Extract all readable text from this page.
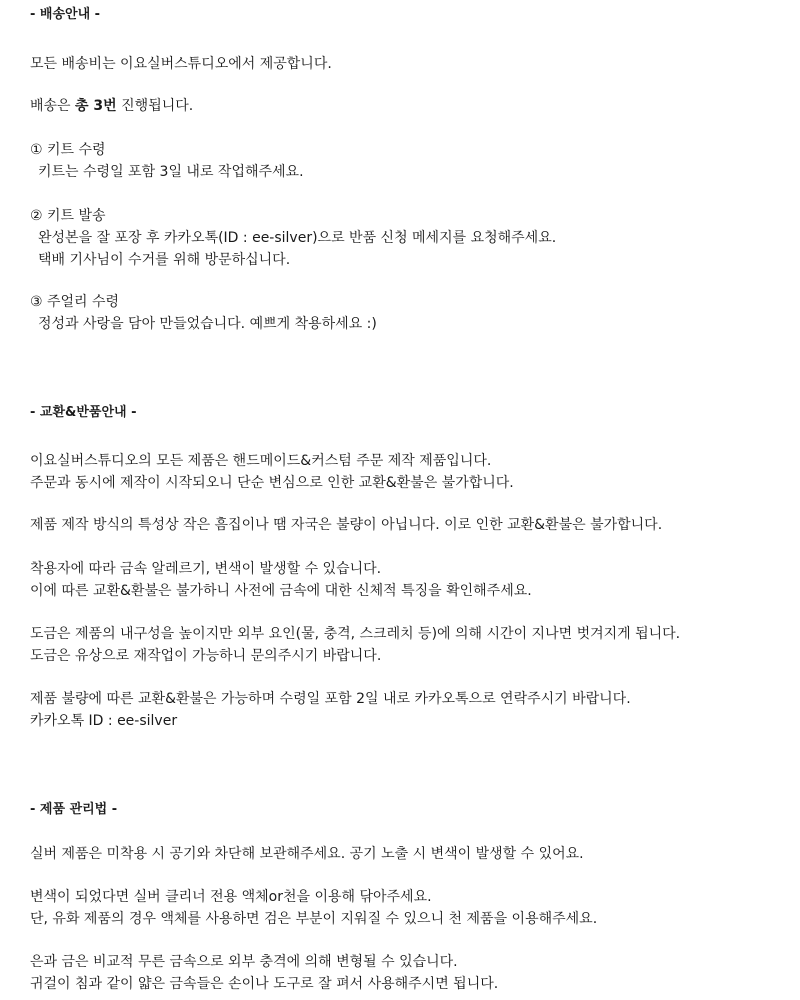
- 배송안내 -
모든 배송비는 이요실버스튜디오에서 제공합니다.
배송은 총 3번 진행됩니다.
① 키트 수령
키트는 수령일 포함 3일 내로 작업해주세요.
② 키트 발송
완성본을 잘 포장 후 카카오톡(ID : ee-silver)으로 반품 신청 메세지를 요청해주세요.
택배 기사님이 수거를 위해 방문하십니다.
③ 주얼리 수령
정성과 사랑을 담아 만들었습니다. 예쁘게 착용하세요 :)
- 교환&반품안내 -
이요실버스튜디오의 모든 제품은 핸드메이드&커스텀 주문 제작 제품입니다.
주문과 동시에 제작이 시작되오니 단순 변심으로 인한 교환&환불은 불가합니다.
제품 제작 방식의 특성상 작은 흠집이나 땜 자국은 불량이 아닙니다. 이로 인한 교환&환불은 불가합니다.
착용자에 따라 금속 알레르기, 변색이 발생할 수 있습니다.
이에 따른 교환&환불은 불가하니 사전에 금속에 대한 신체적 특징을 확인해주세요.
도금은 제품의 내구성을 높이지만 외부 요인(물, 충격, 스크레치 등)에 의해 시간이 지나면 벗겨지게 됩니다.
도금은 유상으로 재작업이 가능하니 문의주시기 바랍니다.
제품 불량에 따른 교환&환불은 가능하며 수령일 포함 2일 내로 카카오톡으로 연락주시기 바랍니다.
카카오톡 ID : ee-silver
- 제품 관리법 -
실버 제품은 미착용 시 공기와 차단해 보관해주세요. 공기 노출 시 변색이 발생할 수 있어요.
변색이 되었다면 실버 클리너 전용 액체or천을 이용해 닦아주세요.
단, 유화 제품의 경우 액체를 사용하면 검은 부분이 지워질 수 있으니 천 제품을 이용해주세요.
은과 금은 비교적 무른 금속으로 외부 충격에 의해 변형될 수 있습니다.
귀걸이 침과 같이 얇은 금속들은 손이나 도구로 잘 펴서 사용해주시면 됩니다.
